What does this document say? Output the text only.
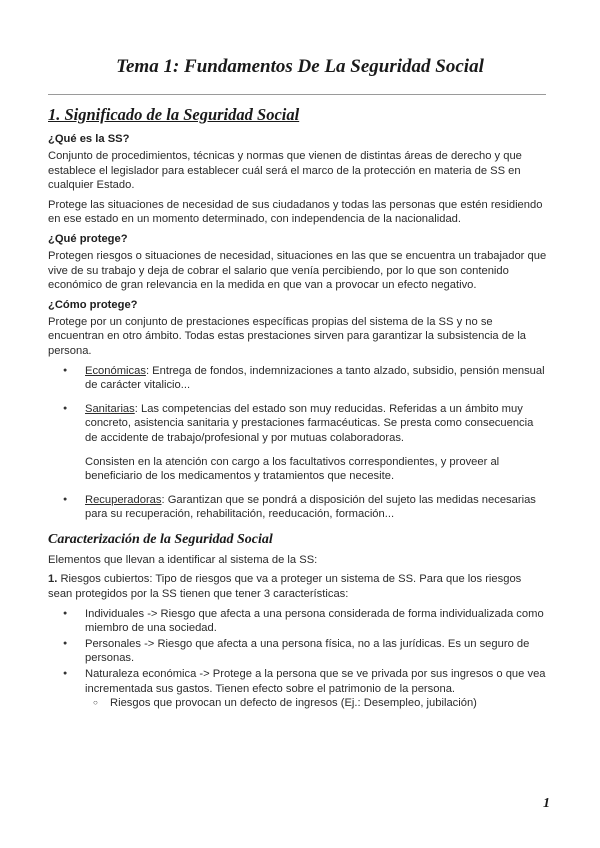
Tema 1: Fundamentos De La Seguridad Social
1. Significado de la Seguridad Social
¿Qué es la SS?

Conjunto de procedimientos, técnicas y normas que vienen de distintas áreas de derecho y que establece el legislador para establecer cuál será el marco de la protección en materia de SS en cualquier Estado.

Protege las situaciones de necesidad de sus ciudadanos y todas las personas que estén residiendo en ese estado en un momento determinado, con independencia de la nacionalidad.

¿Qué protege?

Protegen riesgos o situaciones de necesidad, situaciones en las que se encuentra un trabajador que vive de su trabajo y deja de cobrar el salario que venía percibiendo, por lo que son contenido económico de gran relevancia en la medida en que van a provocar un efecto negativo.

¿Cómo protege?

Protege por un conjunto de prestaciones específicas propias del sistema de la SS y no se encuentran en otro ámbito. Todas estas prestaciones sirven para garantizar la subsistencia de la persona.

● Económicas: Entrega de fondos, indemnizaciones a tanto alzado, subsidio, pensión mensual de carácter vitalicio...
● Sanitarias: Las competencias del estado son muy reducidas. Referidas a un ámbito muy concreto, asistencia sanitaria y prestaciones farmacéuticas. Se presta como consecuencia de accidente de trabajo/profesional y por mutuas colaboradoras.
Consisten en la atención con cargo a los facultativos correspondientes, y proveer al beneficiario de los medicamentos y tratamientos que necesite.
● Recuperadoras: Garantizan que se pondrá a disposición del sujeto las medidas necesarias para su recuperación, rehabilitación, reeducación, formación...
Caracterización de la Seguridad Social

Elementos que llevan a identificar al sistema de la SS:

1. Riesgos cubiertos: Tipo de riesgos que va a proteger un sistema de SS. Para que los riesgos sean protegidos por la SS tienen que tener 3 características:

● Individuales -> Riesgo que afecta a una persona considerada de forma individualizada como miembro de una sociedad.
● Personales -> Riesgo que afecta a una persona física, no a las jurídicas. Es un seguro de personas.
● Naturaleza económica -> Protege a la persona que se ve privada por sus ingresos o que vea incrementada sus gastos. Tienen efecto sobre el patrimonio de la persona.
○ Riesgos que provocan un defecto de ingresos (Ej.: Desempleo, jubilación)
1
